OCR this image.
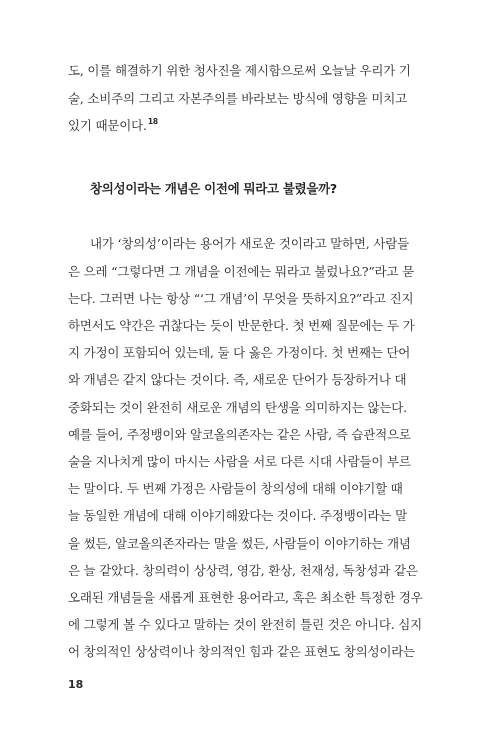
도, 이를 해결하기 위한 청사진을 제시함으로써 오늘날 우리가 기
술, 소비주의 그리고 자본주의를 바라보는 방식에 영향을 미치고
있기 때문이다.$^{18}$
창의성이라는 개념은 이전에 뭐라고 불렸을까?
내가 ‘창의성’이라는 용어가 새로운 것이라고 말하면, 사람들
은 으레 “그렇다면 그 개념을 이전에는 뭐라고 불렀나요?”라고 묻
는다. 그러면 나는 항상 “‘그 개념’이 무엇을 뜻하지요?”라고 진지
하면서도 약간은 귀찮다는 듯이 반문한다. 첫 번째 질문에는 두 가
지 가정이 포함되어 있는데, 둘 다 옳은 가정이다. 첫 번째는 단어
와 개념은 같지 않다는 것이다. 즉, 새로운 단어가 등장하거나 대
중화되는 것이 완전히 새로운 개념의 탄생을 의미하지는 않는다.
예를 들어, 주정뱅이와 알코올의존자는 같은 사람, 즉 습관적으로
술을 지나치게 많이 마시는 사람을 서로 다른 시대 사람들이 부르
는 말이다. 두 번째 가정은 사람들이 창의성에 대해 이야기할 때
늘 동일한 개념에 대해 이야기해왔다는 것이다. 주정뱅이라는 말
을 썼든, 알코올의존자라는 말을 썼든, 사람들이 이야기하는 개념
은 늘 같았다. 창의력이 상상력, 영감, 환상, 천재성, 독창성과 같은
오래된 개념들을 새롭게 표현한 용어라고, 혹은 최소한 특정한 경우
에 그렇게 볼 수 있다고 말하는 것이 완전히 틀린 것은 아니다. 심지
어 창의적인 상상력이나 창의적인 힘과 같은 표현도 창의성이라는
18
